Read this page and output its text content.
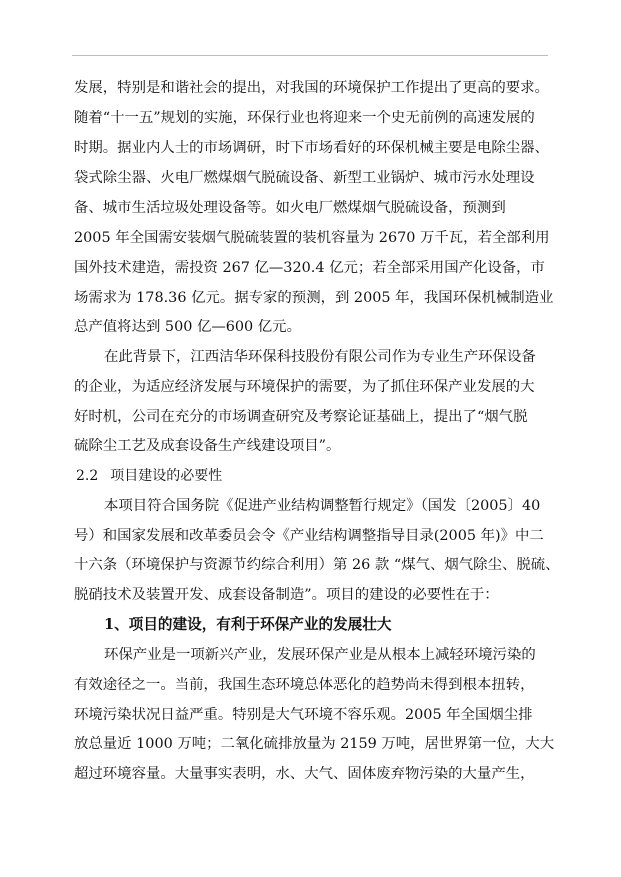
发展，特别是和谐社会的提出，对我国的环境保护工作提出了更高的要求。
随着“十一五”规划的实施，环保行业也将迎来一个史无前例的高速发展的
时期。据业内人士的市场调研，时下市场看好的环保机械主要是电除尘器、
袋式除尘器、火电厂燃煤烟气脱硫设备、新型工业锅炉、城市污水处理设
备、城市生活垃圾处理设备等。如火电厂燃煤烟气脱硫设备，预测到
2005 年全国需安装烟气脱硫装置的装机容量为 2670 万千瓦，若全部利用
国外技术建造，需投资 267 亿—320.4 亿元；若全部采用国产化设备，市
场需求为 178.36 亿元。据专家的预测，到 2005 年，我国环保机械制造业
总产值将达到 500 亿—600 亿元。
在此背景下，江西洁华环保科技股份有限公司作为专业生产环保设备
的企业，为适应经济发展与环境保护的需要，为了抓住环保产业发展的大
好时机，公司在充分的市场调查研究及考察论证基础上，提出了“烟气脱
硫除尘工艺及成套设备生产线建设项目”。
2.2 项目建设的必要性
本项目符合国务院《促进产业结构调整暂行规定》（国发〔2005〕40
号）和国家发展和改革委员会令《产业结构调整指导目录(2005 年)》中二
十六条（环境保护与资源节约综合利用）第 26 款 “煤气、烟气除尘、脱硫、
脱硝技术及装置开发、成套设备制造”。项目的建设的必要性在于：
1、项目的建设，有利于环保产业的发展壮大
环保产业是一项新兴产业，发展环保产业是从根本上减轻环境污染的
有效途径之一。当前，我国生态环境总体恶化的趋势尚未得到根本扭转，
环境污染状况日益严重。特别是大气环境不容乐观。2005 年全国烟尘排
放总量近 1000 万吨；二氧化硫排放量为 2159 万吨，居世界第一位，大大
超过环境容量。大量事实表明，水、大气、固体废弃物污染的大量产生，
